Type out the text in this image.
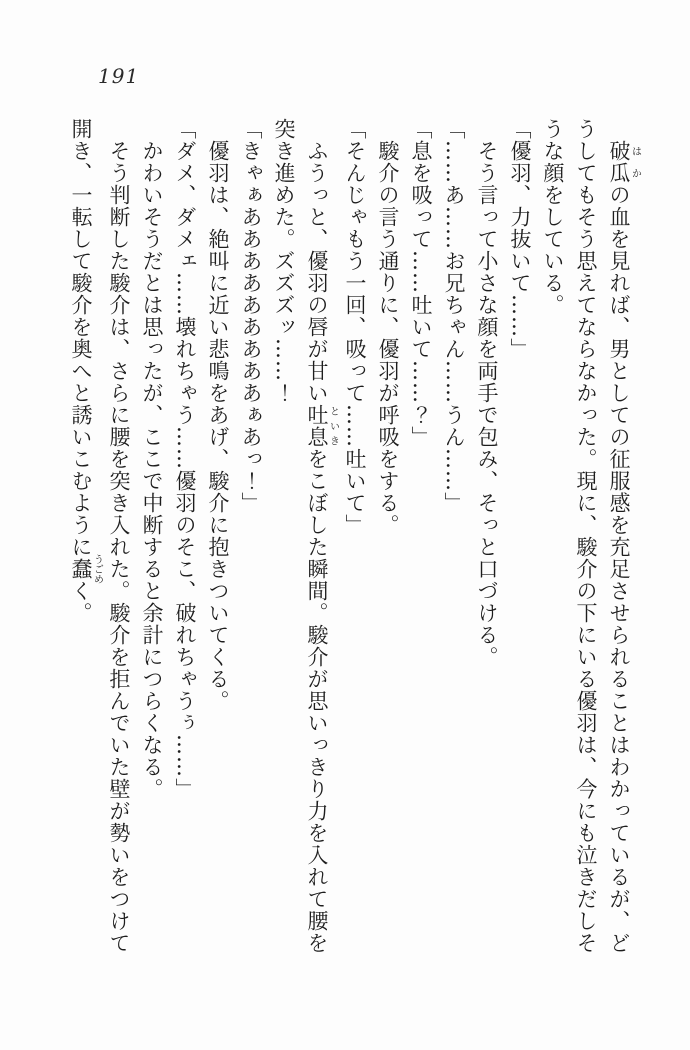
191
　破瓜はかの血を見れば、男としての征服感を充足させられることはわかっているが、ど
うしてもそう思えてならなかった。現に、駿介の下にいる優羽は、今にも泣きだしそ
うな顔をしている。
「優羽、力抜いて……」
　そう言って小さな顔を両手で包み、そっと口づける。
「……あ……お兄ちゃん……うん……」
「息を吸って……吐いて……？」
　駿介の言う通りに、優羽が呼吸をする。
「そんじゃもう一回、吸って……吐いて」
　ふうっと、優羽の唇が甘い吐息といきをこぼした瞬間。駿介が思いっきり力を入れて腰を
突き進めた。ズズズッ……！
「きゃぁあああああああああぁあっ！」
　優羽は、絶叫に近い悲鳴をあげ、駿介に抱きついてくる。
「ダメ、ダメェ……壊れちゃう……優羽のそこ、破れちゃうぅ……」
　かわいそうだとは思ったが、ここで中断すると余計につらくなる。
　そう判断した駿介は、さらに腰を突き入れた。駿介を拒んでいた壁が勢いをつけて
開き、一転して駿介を奥へと誘いこむように蠢うごめく。
